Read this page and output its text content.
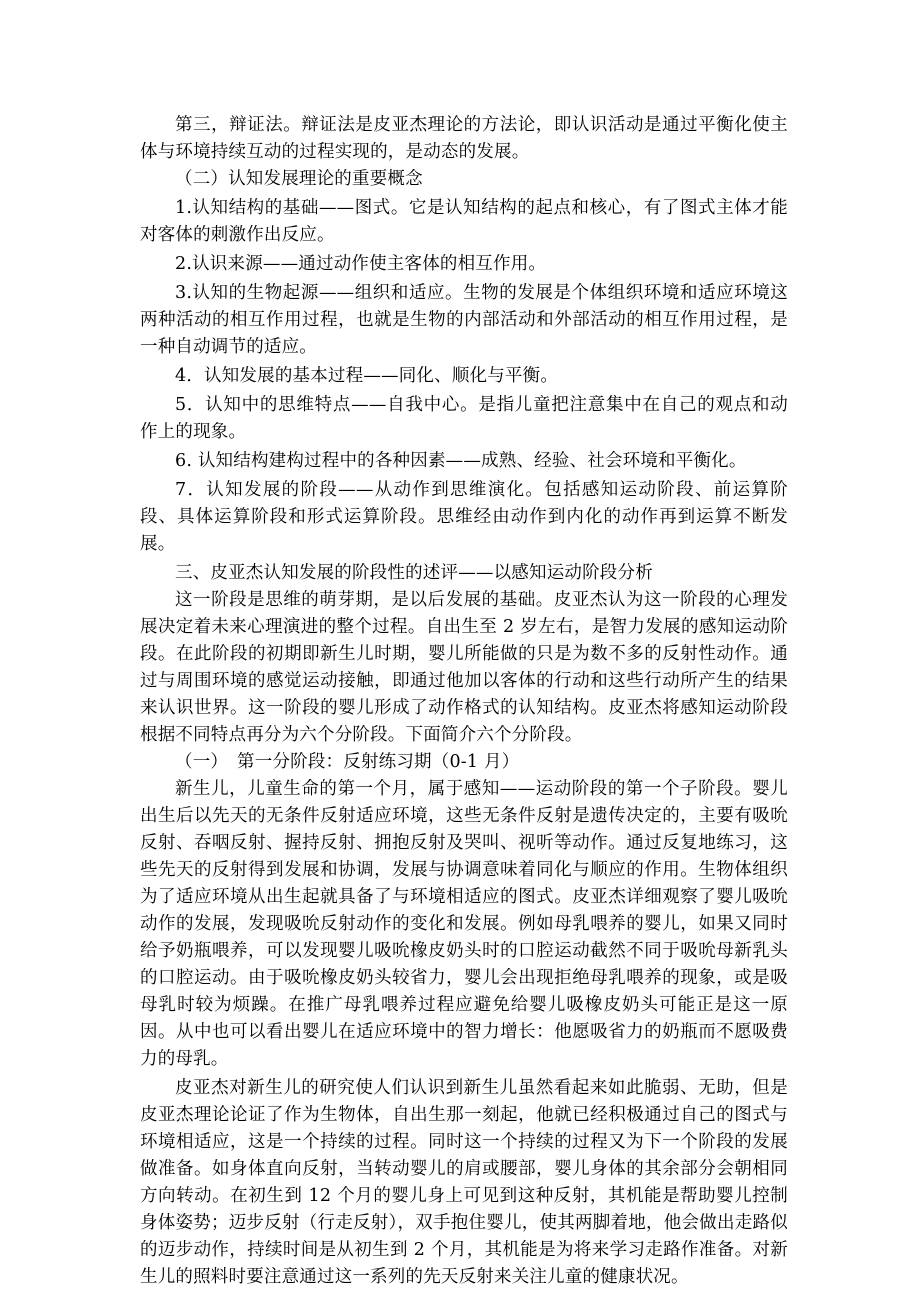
第三，辩证法。辩证法是皮亚杰理论的方法论，即认识活动是通过平衡化使主体与环境持续互动的过程实现的，是动态的发展。

（二）认知发展理论的重要概念

1.认知结构的基础——图式。它是认知结构的起点和核心，有了图式主体才能对客体的刺激作出反应。

2.认识来源——通过动作使主客体的相互作用。

3.认知的生物起源——组织和适应。生物的发展是个体组织环境和适应环境这两种活动的相互作用过程，也就是生物的内部活动和外部活动的相互作用过程，是一种自动调节的适应。

4．认知发展的基本过程——同化、顺化与平衡。

5．认知中的思维特点——自我中心。是指儿童把注意集中在自己的观点和动作上的现象。

6. 认知结构建构过程中的各种因素——成熟、经验、社会环境和平衡化。

7．认知发展的阶段——从动作到思维演化。包括感知运动阶段、前运算阶段、具体运算阶段和形式运算阶段。思维经由动作到内化的动作再到运算不断发展。

三、皮亚杰认知发展的阶段性的述评——以感知运动阶段分析

这一阶段是思维的萌芽期，是以后发展的基础。皮亚杰认为这一阶段的心理发展决定着未来心理演进的整个过程。自出生至 2 岁左右，是智力发展的感知运动阶段。在此阶段的初期即新生儿时期，婴儿所能做的只是为数不多的反射性动作。通过与周围环境的感觉运动接触，即通过他加以客体的行动和这些行动所产生的结果来认识世界。这一阶段的婴儿形成了动作格式的认知结构。皮亚杰将感知运动阶段根据不同特点再分为六个分阶段。下面简介六个分阶段。

（一）　第一分阶段：反射练习期（0-1 月）

新生儿，儿童生命的第一个月，属于感知——运动阶段的第一个子阶段。婴儿出生后以先天的无条件反射适应环境，这些无条件反射是遗传决定的，主要有吸吮反射、吞咽反射、握持反射、拥抱反射及哭叫、视听等动作。通过反复地练习，这些先天的反射得到发展和协调，发展与协调意味着同化与顺应的作用。生物体组织为了适应环境从出生起就具备了与环境相适应的图式。皮亚杰详细观察了婴儿吸吮动作的发展，发现吸吮反射动作的变化和发展。例如母乳喂养的婴儿，如果又同时给予奶瓶喂养，可以发现婴儿吸吮橡皮奶头时的口腔运动截然不同于吸吮母新乳头的口腔运动。由于吸吮橡皮奶头较省力，婴儿会出现拒绝母乳喂养的现象，或是吸母乳时较为烦躁。在推广母乳喂养过程应避免给婴儿吸橡皮奶头可能正是这一原因。从中也可以看出婴儿在适应环境中的智力增长：他愿吸省力的奶瓶而不愿吸费力的母乳。

皮亚杰对新生儿的研究使人们认识到新生儿虽然看起来如此脆弱、无助，但是皮亚杰理论论证了作为生物体，自出生那一刻起，他就已经积极通过自己的图式与环境相适应，这是一个持续的过程。同时这一个持续的过程又为下一个阶段的发展做准备。如身体直向反射，当转动婴儿的肩或腰部，婴儿身体的其余部分会朝相同方向转动。在初生到 12 个月的婴儿身上可见到这种反射，其机能是帮助婴儿控制身体姿势；迈步反射（行走反射），双手抱住婴儿，使其两脚着地，他会做出走路似的迈步动作，持续时间是从初生到 2 个月，其机能是为将来学习走路作准备。对新生儿的照料时要注意通过这一系列的先天反射来关注儿童的健康状况。
